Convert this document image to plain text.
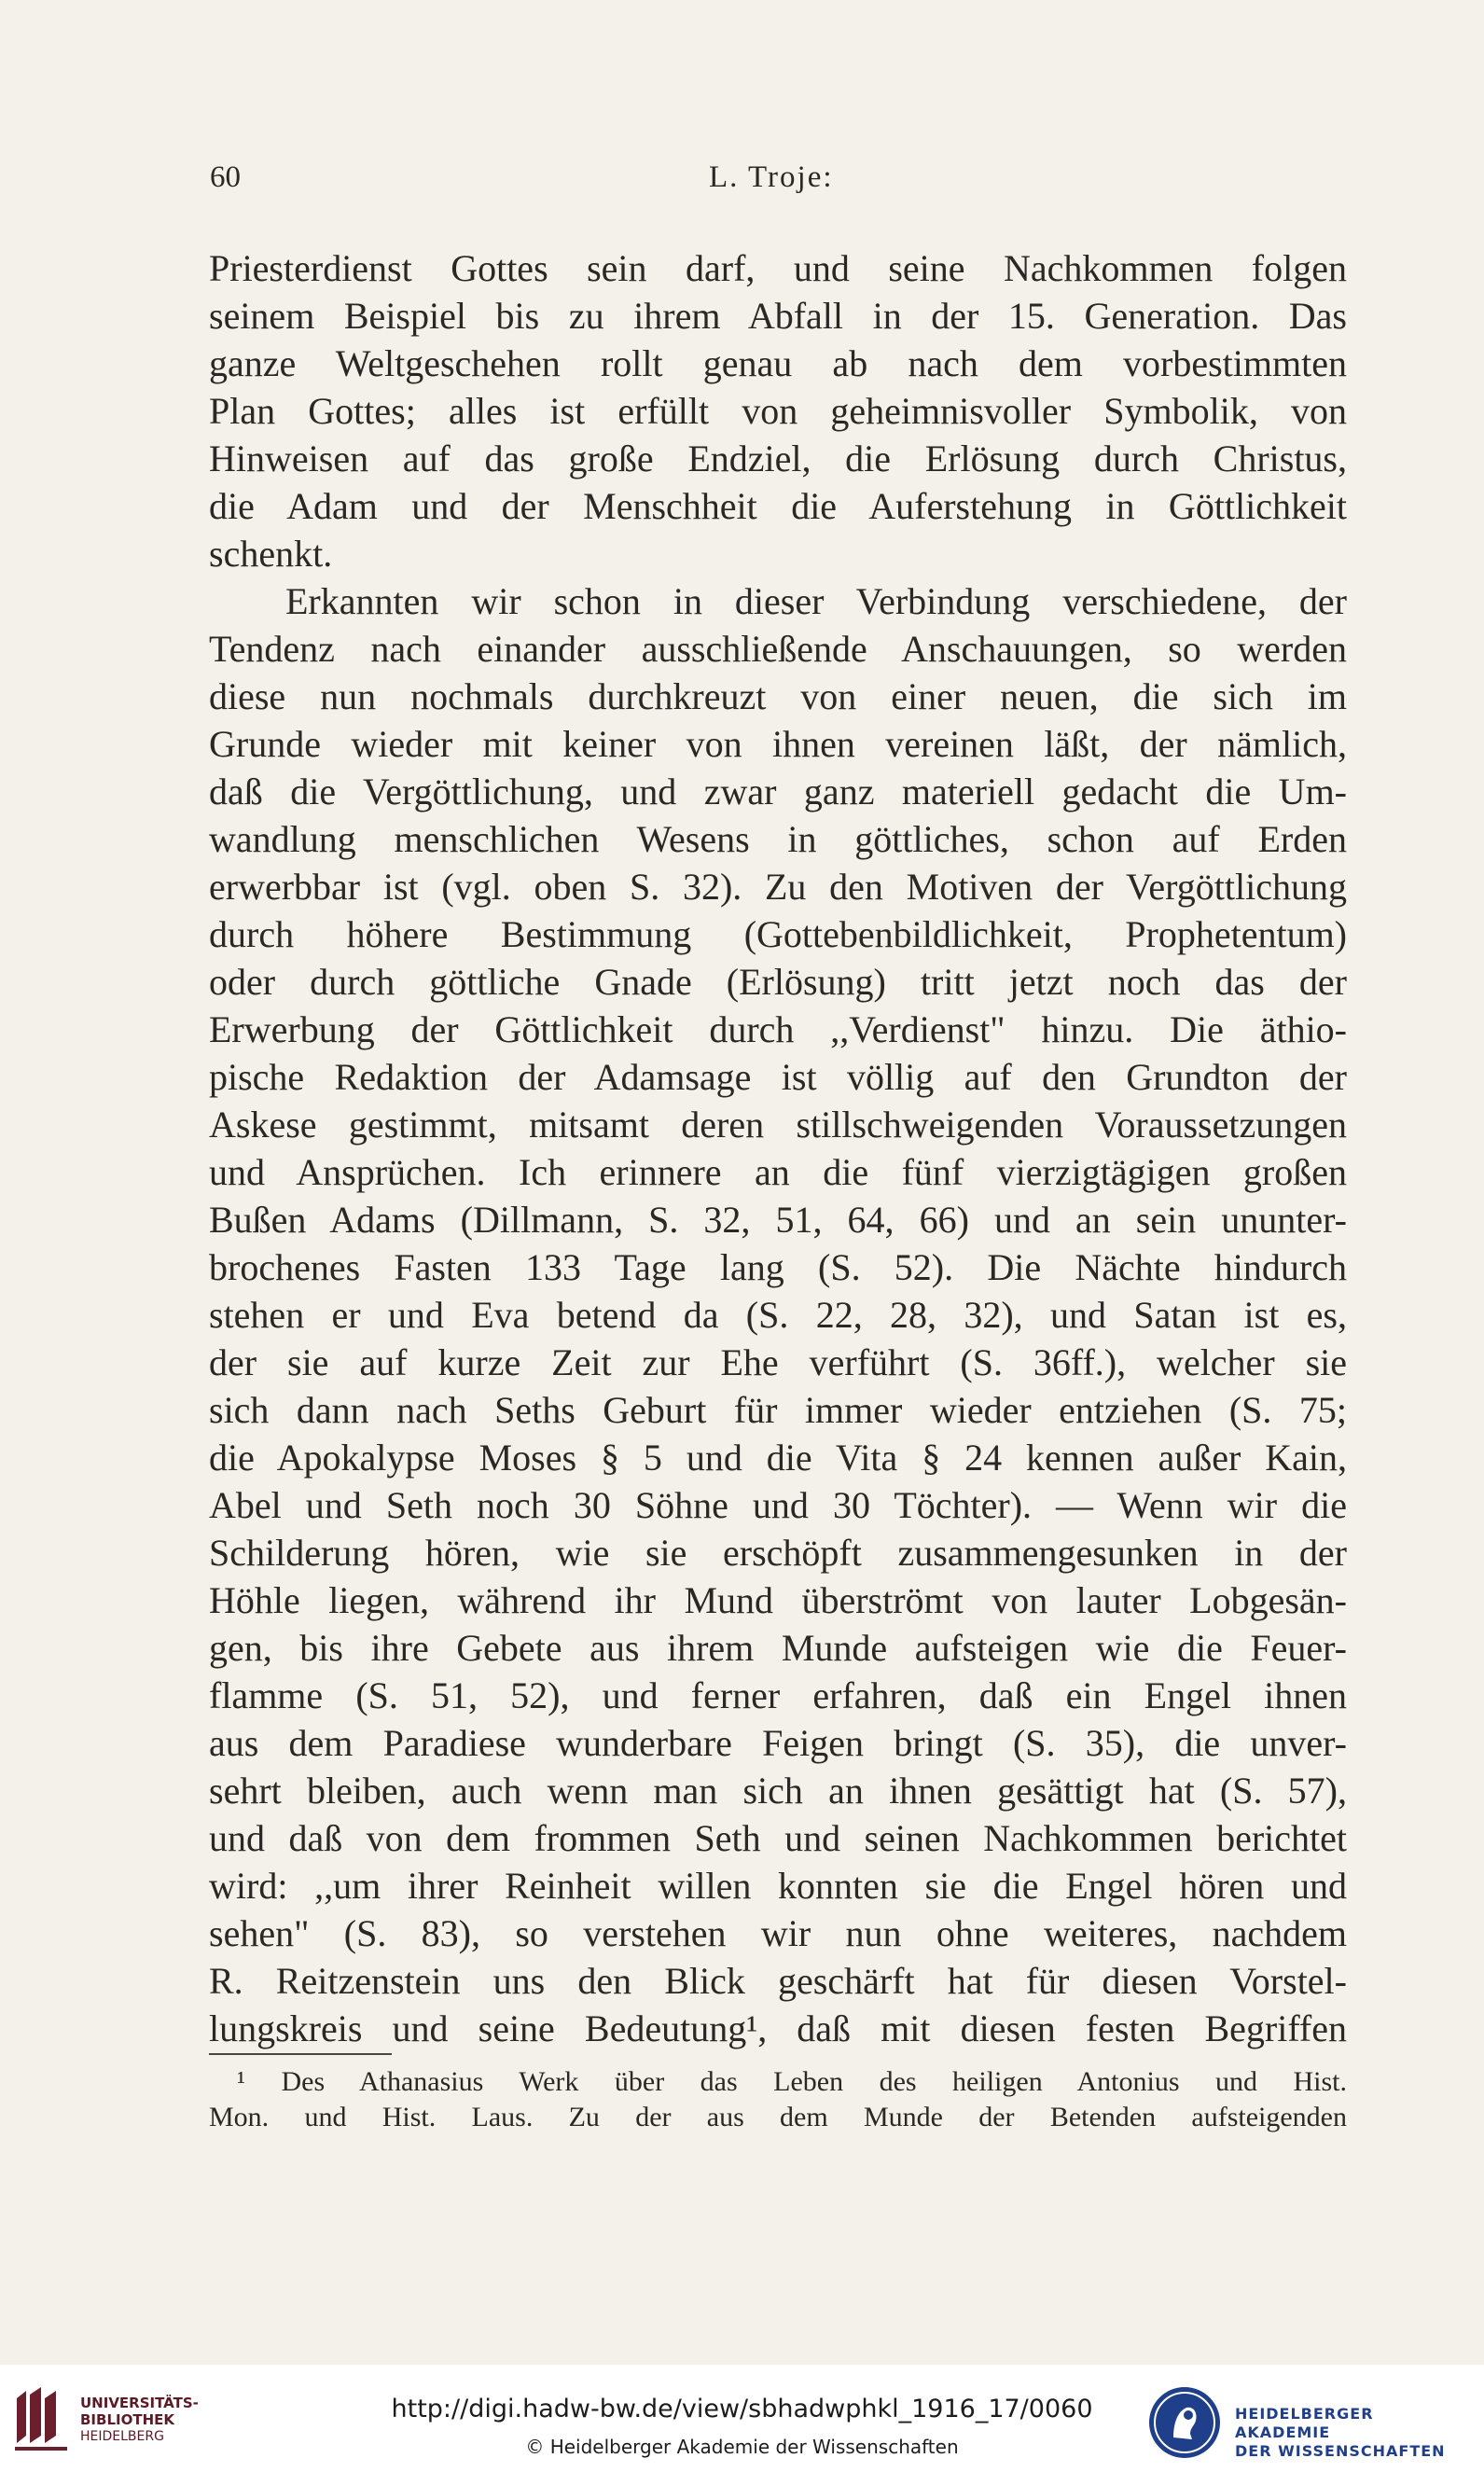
60	L. Troje:
Priesterdienst Gottes sein darf, und seine Nachkommen folgen
seinem Beispiel bis zu ihrem Abfall in der 15. Generation. Das
ganze Weltgeschehen rollt genau ab nach dem vorbestimmten
Plan Gottes; alles ist erfüllt von geheimnisvoller Symbolik, von
Hinweisen auf das große Endziel, die Erlösung durch Christus,
die Adam und der Menschheit die Auferstehung in Göttlichkeit
schenkt.
Erkannten wir schon in dieser Verbindung verschiedene, der
Tendenz nach einander ausschließende Anschauungen, so werden
diese nun nochmals durchkreuzt von einer neuen, die sich im
Grunde wieder mit keiner von ihnen vereinen läßt, der nämlich,
daß die Vergöttlichung, und zwar ganz materiell gedacht die Um-
wandlung menschlichen Wesens in göttliches, schon auf Erden
erwerbbar ist (vgl. oben S. 32). Zu den Motiven der Vergöttlichung
durch höhere Bestimmung (Gottebenbildlichkeit, Prophetentum)
oder durch göttliche Gnade (Erlösung) tritt jetzt noch das der
Erwerbung der Göttlichkeit durch ,,Verdienst" hinzu. Die äthio-
pische Redaktion der Adamsage ist völlig auf den Grundton der
Askese gestimmt, mitsamt deren stillschweigenden Voraussetzungen
und Ansprüchen. Ich erinnere an die fünf vierzigtägigen großen
Bußen Adams (Dillmann, S. 32, 51, 64, 66) und an sein ununter-
brochenes Fasten 133 Tage lang (S. 52). Die Nächte hindurch
stehen er und Eva betend da (S. 22, 28, 32), und Satan ist es,
der sie auf kurze Zeit zur Ehe verführt (S. 36ff.), welcher sie
sich dann nach Seths Geburt für immer wieder entziehen (S. 75;
die Apokalypse Moses § 5 und die Vita § 24 kennen außer Kain,
Abel und Seth noch 30 Söhne und 30 Töchter). — Wenn wir die
Schilderung hören, wie sie erschöpft zusammengesunken in der
Höhle liegen, während ihr Mund überströmt von lauter Lobgesän-
gen, bis ihre Gebete aus ihrem Munde aufsteigen wie die Feuer-
flamme (S. 51, 52), und ferner erfahren, daß ein Engel ihnen
aus dem Paradiese wunderbare Feigen bringt (S. 35), die unver-
sehrt bleiben, auch wenn man sich an ihnen gesättigt hat (S. 57),
und daß von dem frommen Seth und seinen Nachkommen berichtet
wird: ,,um ihrer Reinheit willen konnten sie die Engel hören und
sehen" (S. 83), so verstehen wir nun ohne weiteres, nachdem
R. Reitzenstein uns den Blick geschärft hat für diesen Vorstel-
lungskreis und seine Bedeutung¹, daß mit diesen festen Begriffen
¹ Des Athanasius Werk über das Leben des heiligen Antonius und Hist.
Mon. und Hist. Laus. Zu der aus dem Munde der Betenden aufsteigenden
UNIVERSITÄTS-
BIBLIOTHEK
HEIDELBERG
http://digi.hadw-bw.de/view/sbhadwphkl_1916_17/0060
© Heidelberger Akademie der Wissenschaften
HEIDELBERGER AKADEMIE
DER WISSENSCHAFTEN
